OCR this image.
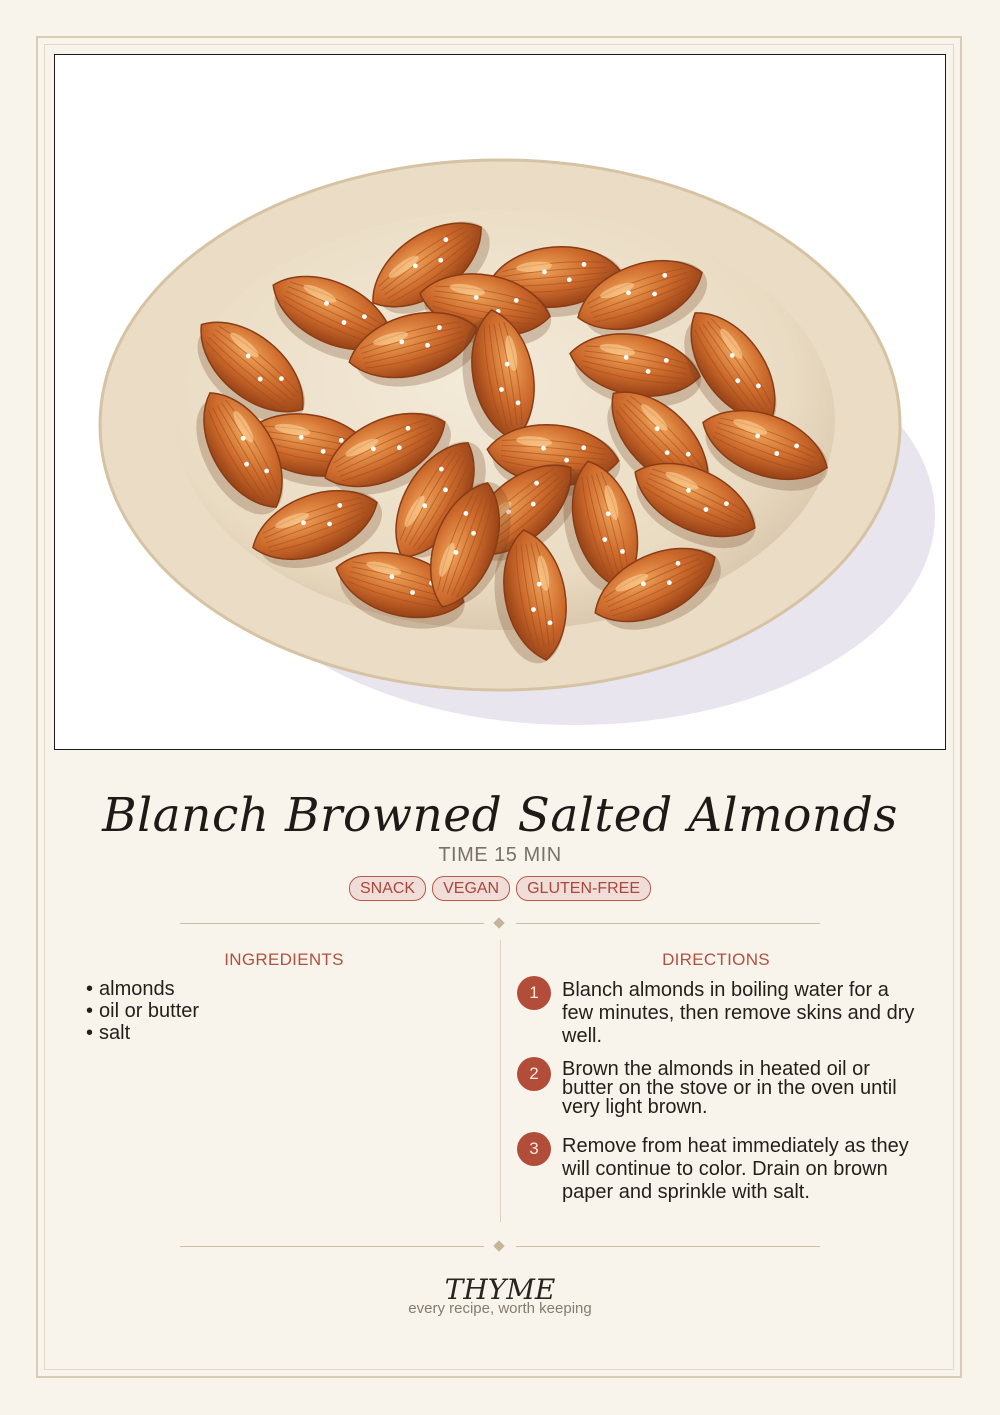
Blanch Browned Salted Almonds
TIME 15 MIN
SNACK VEGAN GLUTEN-FREE
INGREDIENTS
• almonds
• oil or butter
• salt
DIRECTIONS
1	Blanch almonds in boiling water for a few minutes, then remove skins and dry well.
2	Brown the almonds in heated oil or butter on the stove or in the oven until very light brown.
3	Remove from heat immediately as they will continue to color. Drain on brown paper and sprinkle with salt.
THYME
every recipe, worth keeping
